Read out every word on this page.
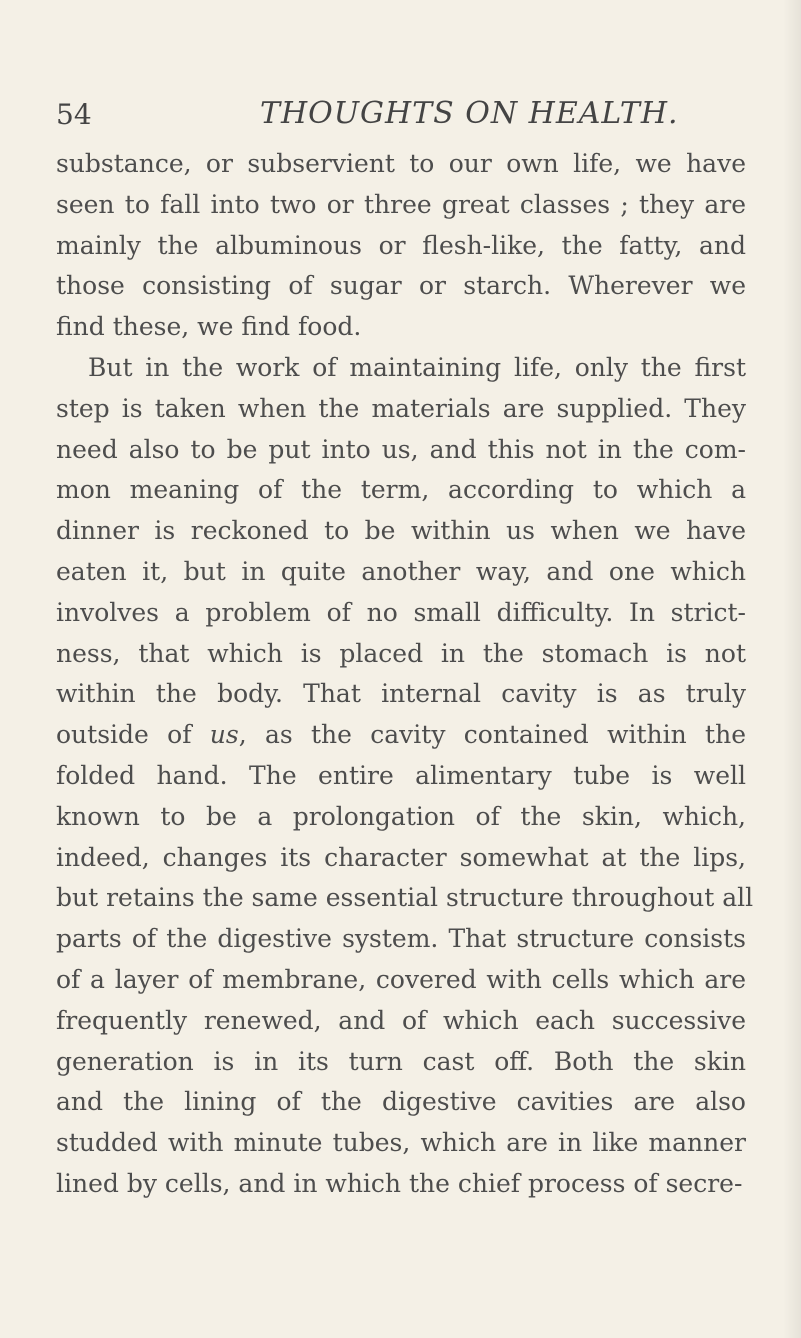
54	THOUGHTS ON HEALTH.
substance, or subservient to our own life, we have
seen to fall into two or three great classes ; they are
mainly the albuminous or flesh-like, the fatty, and
those consisting of sugar or starch. Wherever we
find these, we find food.
But in the work of maintaining life, only the first
step is taken when the materials are supplied. They
need also to be put into us, and this not in the com-
mon meaning of the term, according to which a
dinner is reckoned to be within us when we have
eaten it, but in quite another way, and one which
involves a problem of no small difficulty. In strict-
ness, that which is placed in the stomach is not
within the body. That internal cavity is as truly
outside of us, as the cavity contained within the
folded hand. The entire alimentary tube is well
known to be a prolongation of the skin, which,
indeed, changes its character somewhat at the lips,
but retains the same essential structure throughout all
parts of the digestive system. That structure consists
of a layer of membrane, covered with cells which are
frequently renewed, and of which each successive
generation is in its turn cast off. Both the skin
and the lining of the digestive cavities are also
studded with minute tubes, which are in like manner
lined by cells, and in which the chief process of secre-
